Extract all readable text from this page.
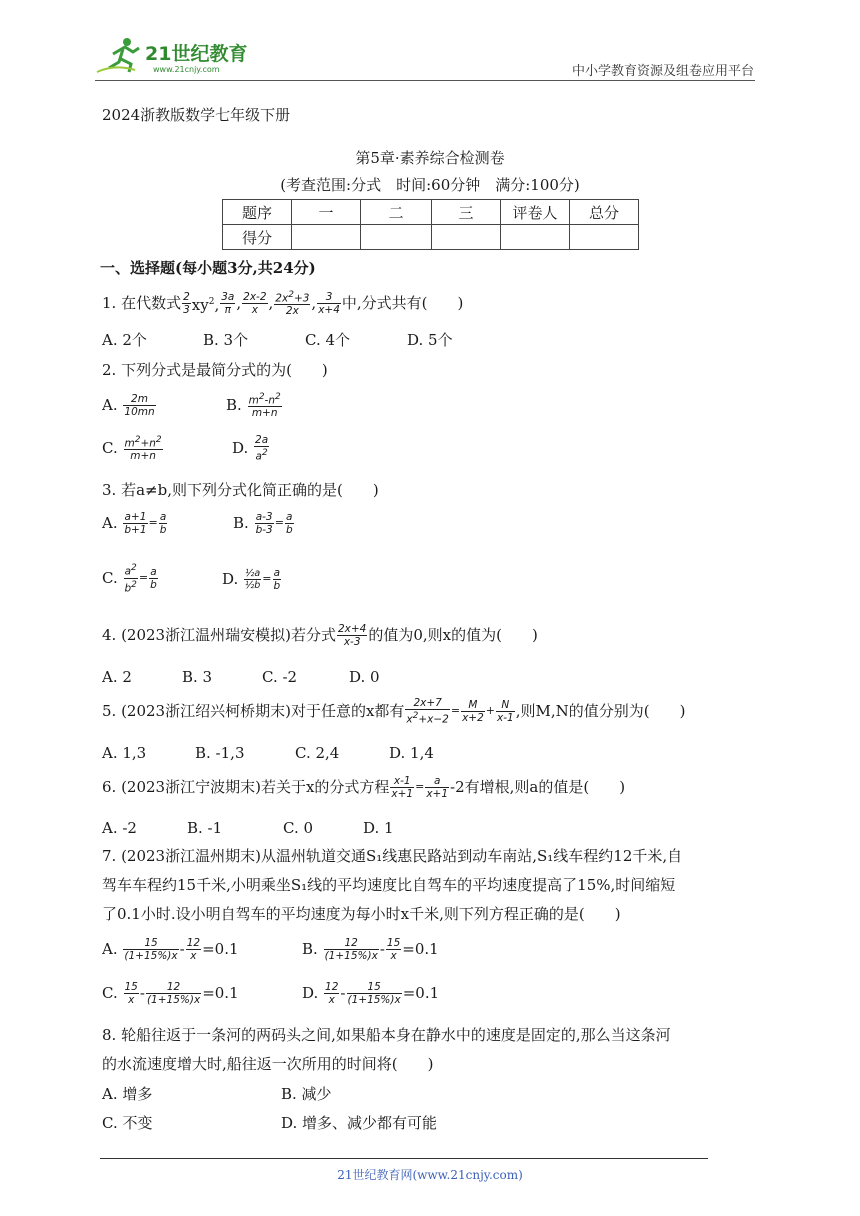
21世纪教育
www.21cnjy.com	中小学教育资源及组卷应用平台
2024浙教版数学七年级下册
第5章·素养综合检测卷
(考查范围:分式　时间:60分钟　满分:100分)
题序	一	二	三	评卷人	总分
得分					
一、选择题(每小题3分,共24分)
1. 在代数式 $\frac{2}{3} xy^2$, $\frac{3a}{\pi}$ , $\frac{2x-2}{x}$ , $\frac{2x^2+3}{2x}$ , $\frac{3}{x+4}$ 中,分式共有(　　)
A. 2个	B. 3个	C. 4个	D. 5个
2. 下列分式是最简分式的为(　　)
A.
$\frac{2m}{10mn}$	B.
$\frac{m^2-n^2}{m+n}$
C.
$\frac{m^2+n^2}{m+n}$	D.
$\frac{2a}{a^2}$
3. 若a≠b,则下列分式化简正确的是(　　)
A.
$\frac{a+1}{b+1} = \frac{a}{b}$	B.
$\frac{a-3}{b-3} = \frac{a}{b}$
C.
$\frac{a^2}{b^2} = \frac{a}{b}$	D.
$\frac{\text{½a}}{\text{½b}} = \frac{a}{b}$
4. (2023浙江温州瑞安模拟)若分式 $\frac{2x+4}{x-3}$ 的值为0,则x的值为(　　)
A. 2	B. 3	C. -2	D. 0
5. (2023浙江绍兴柯桥期末)对于任意的x都有 $\frac{2x+7}{x^2+x-2} = \frac{M}{x+2} + \frac{N}{x-1}$ ,则M,N的值分别为(　　)
A. 1,3	B. -1,3	C. 2,4	D. 1,4
6. (2023浙江宁波期末)若关于x的分式方程 $\frac{x-1}{x+1} = \frac{a}{x+1} -2$有增根,则a的值是(　　)
A. -2	B. -1	C. 0	D. 1
7. (2023浙江温州期末)从温州轨道交通S₁线惠民路站到动车南站,S₁线车程约12千米,自
驾车车程约15千米,小明乘坐S₁线的平均速度比自驾车的平均速度提高了15%,时间缩短
了0.1小时.设小明自驾车的平均速度为每小时x千米,则下列方程正确的是(　　)
A.
$\frac{15}{(1+15\%)x} - \frac{12}{x} =0.1$	B.
$\frac{12}{(1+15\%)x} - \frac{15}{x} =0.1$
C.
$\frac{15}{x} - \frac{12}{(1+15\%)x} =0.1$	D.
$\frac{12}{x} - \frac{15}{(1+15\%)x} =0.1$
8. 轮船往返于一条河的两码头之间,如果船本身在静水中的速度是固定的,那么当这条河
的水流速度增大时,船往返一次所用的时间将(　　)
A. 增多	B. 减少
C. 不变	D. 增多、减少都有可能
21世纪教育网(www.21cnjy.com)
